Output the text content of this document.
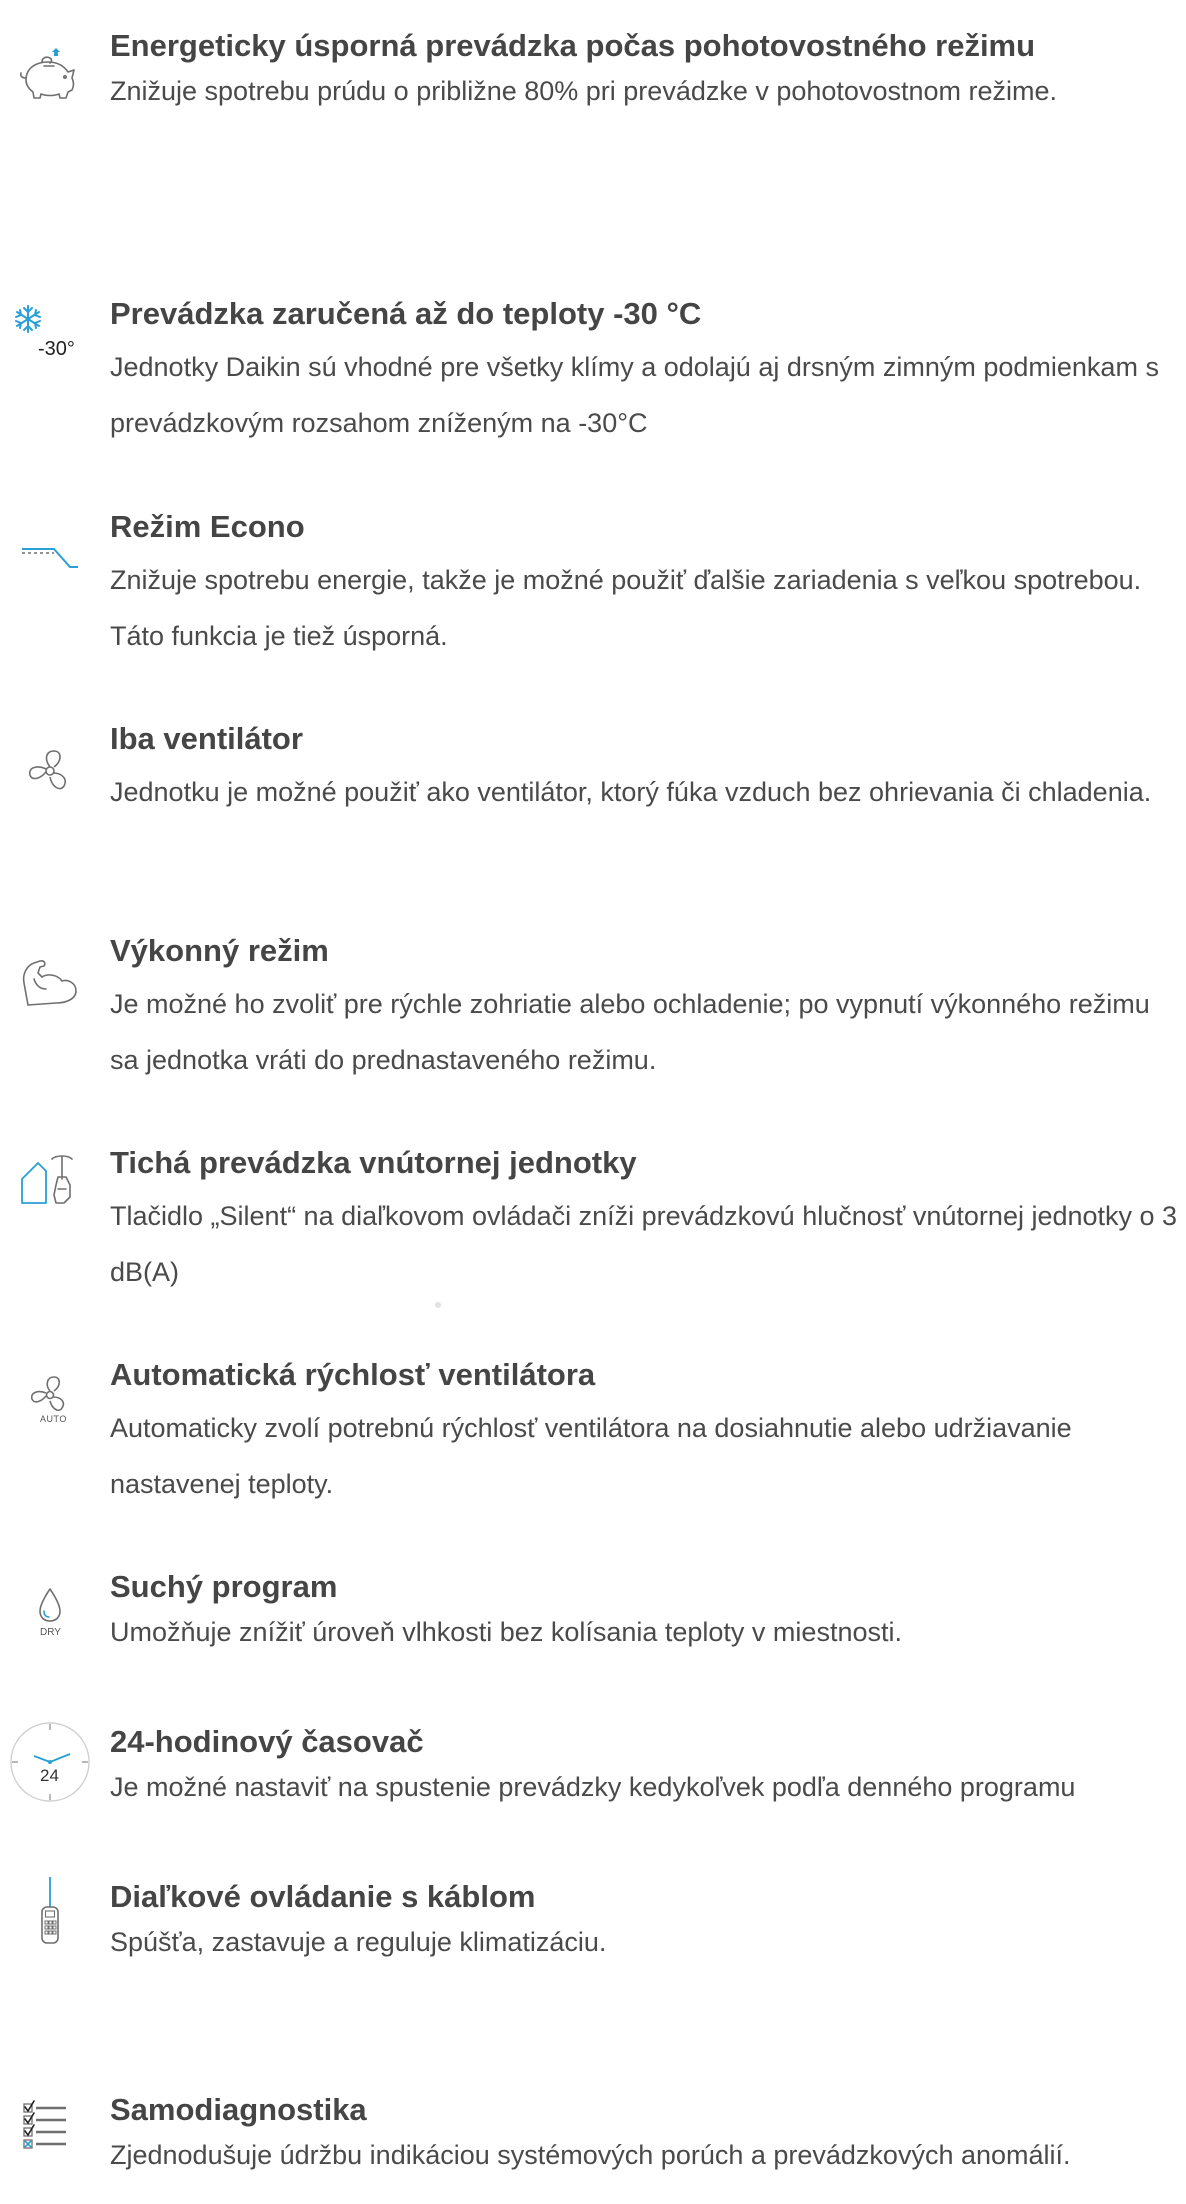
Energeticky úsporná prevádzka počas pohotovostného režimu

Znižuje spotrebu prúdu o približne 80% pri prevádzke v pohotovostnom režime.

-30°
Prevádzka zaručená až do teploty -30 °C

Jednotky Daikin sú vhodné pre všetky klímy a odolajú aj drsným zimným podmienkam s prevádzkovým rozsahom zníženým na -30°C

Režim Econo

Znižuje spotrebu energie, takže je možné použiť ďalšie zariadenia s veľkou spotrebou. Táto funkcia je tiež úsporná.

Iba ventilátor

Jednotku je možné použiť ako ventilátor, ktorý fúka vzduch bez ohrievania či chladenia.

Výkonný režim

Je možné ho zvoliť pre rýchle zohriatie alebo ochladenie; po vypnutí výkonného režimu sa jednotka vráti do prednastaveného režimu.

Tichá prevádzka vnútornej jednotky

Tlačidlo „Silent“ na diaľkovom ovládači zníži prevádzkovú hlučnosť vnútornej jednotky o 3 dB(A)

AUTO
Automatická rýchlosť ventilátora

Automaticky zvolí potrebnú rýchlosť ventilátora na dosiahnutie alebo udržiavanie nastavenej teploty.

DRY
Suchý program

Umožňuje znížiť úroveň vlhkosti bez kolísania teploty v miestnosti.

24
24-hodinový časovač

Je možné nastaviť na spustenie prevádzky kedykoľvek podľa denného programu

Diaľkové ovládanie s káblom

Spúšťa, zastavuje a reguluje klimatizáciu.

Samodiagnostika

Zjednodušuje údržbu indikáciou systémových porúch a prevádzkových anomálií.
